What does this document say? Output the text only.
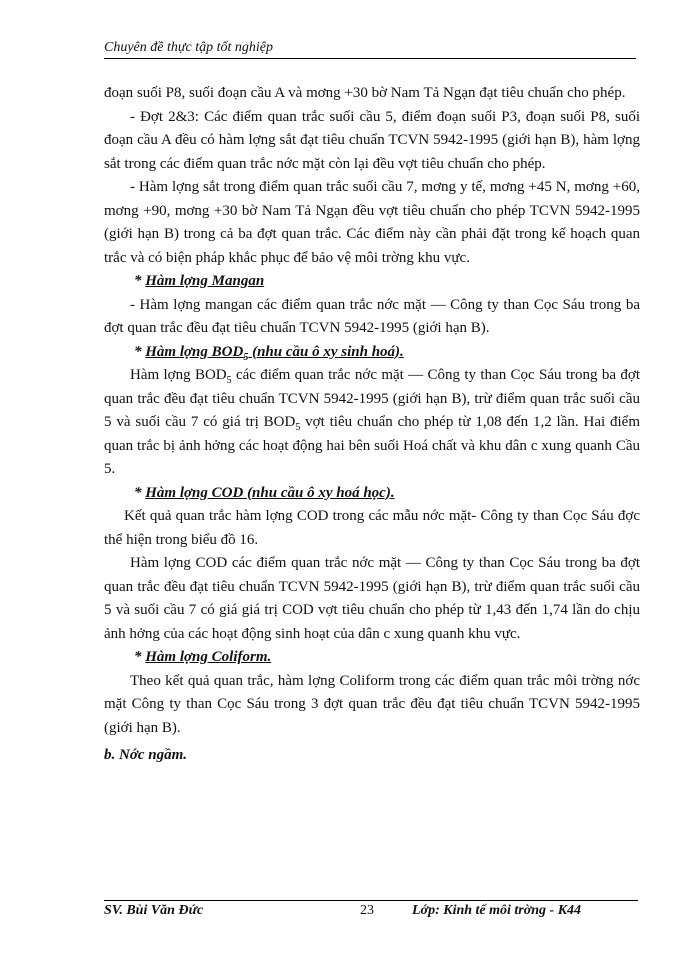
Chuyên đề thực tập tốt nghiệp

đoạn suối P8, suối đoạn cầu A và mơng +30 bờ Nam Tả Ngạn đạt tiêu chuẩn cho phép.

- Đợt 2&3: Các điểm quan trắc suối cầu 5, điểm đoạn suối P3, đoạn suối P8, suối đoạn cầu A đều có hàm lợng sắt đạt tiêu chuẩn TCVN 5942-1995 (giới hạn B), hàm lợng sắt trong các điểm quan trắc nớc mặt còn lại đều vợt tiêu chuẩn cho phép.

- Hàm lợng sắt trong điểm quan trắc suối cầu 7, mơng y tế, mơng +45 N, mơng +60, mơng +90, mơng +30 bờ Nam Tả Ngạn đều vợt tiêu chuẩn cho phép TCVN 5942-1995 (giới hạn B) trong cả ba đợt quan trắc. Các điểm này cần phải đặt trong kế hoạch quan trắc và có biện pháp khắc phục để bảo vệ môi trờng khu vực.

* Hàm lợng Mangan

- Hàm lợng mangan các điểm quan trắc nớc mặt — Công ty than Cọc Sáu trong ba đợt quan trắc đều đạt tiêu chuẩn TCVN 5942-1995 (giới hạn B).

* Hàm lợng $BOD_5$ (nhu cầu ô xy sinh hoá).

Hàm lợng $BOD_5$ các điểm quan trắc nớc mặt — Công ty than Cọc Sáu trong ba đợt quan trắc đều đạt tiêu chuẩn TCVN 5942-1995 (giới hạn B), trừ điểm quan trắc suối cầu 5 và suối cầu 7 có giá trị $BOD_5$ vợt tiêu chuẩn cho phép từ 1,08 đến 1,2 lần. Hai điểm quan trắc bị ảnh hởng các hoạt động hai bên suối Hoá chất và khu dân c xung quanh Cầu 5.

* Hàm lợng COD (nhu cầu ô xy hoá học).

Kết quả quan trắc hàm lợng COD trong các mẫu nớc mặt- Công ty than Cọc Sáu đợc thể hiện trong biểu đồ 16.

Hàm lợng COD các điểm quan trắc nớc mặt — Công ty than Cọc Sáu trong ba đợt quan trắc đều đạt tiêu chuẩn TCVN 5942-1995 (giới hạn B), trừ điểm quan trắc suối cầu 5 và suối cầu 7 có giá giá trị COD vợt tiêu chuẩn cho phép từ 1,43 đến 1,74 lần do chịu ảnh hởng của các hoạt động sinh hoạt của dân c xung quanh khu vực.

* Hàm lợng Coliform.

Theo kết quả quan trắc, hàm lợng Coliform trong các điểm quan trắc môi trờng nớc mặt Công ty than Cọc Sáu trong 3 đợt quan trắc đều đạt tiêu chuẩn TCVN 5942-1995 (giới hạn B).

b. Nớc ngầm.

SV. Bùi Văn Đức	23	Lớp: Kinh tế môi trờng - K44
